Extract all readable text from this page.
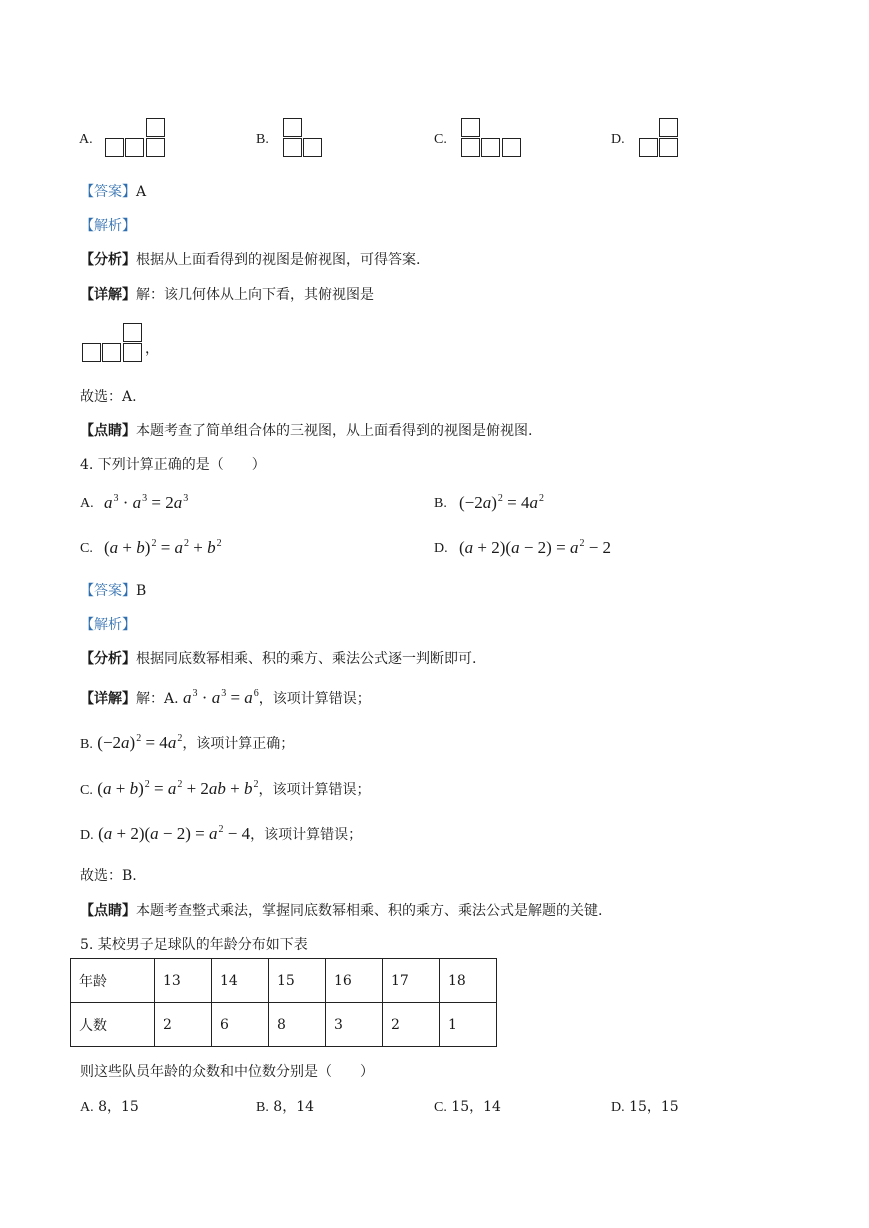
A.	B.	C.	D.
【答案】A
【解析】
【分析】根据从上面看得到的视图是俯视图，可得答案.
【详解】解：该几何体从上向下看，其俯视图是
，
故选：A.
【点睛】本题考查了简单组合体的三视图，从上面看得到的视图是俯视图.
4. 下列计算正确的是（　　）
A. $a^3 \cdot a^3 = 2a^3$	B. $(-2a)^2 = 4a^2$
C. $(a + b)^2 = a^2 + b^2$	D. $(a + 2)(a - 2) = a^2 - 2$
【答案】B
【解析】
【分析】根据同底数幂相乘、积的乘方、乘法公式逐一判断即可.
【详解】解：A. $a^3 \cdot a^3 = a^6$，该项计算错误；
B. $(-2a)^2 = 4a^2$，该项计算正确；
C. $(a + b)^2 = a^2 + 2ab + b^2$，该项计算错误；
D. $(a + 2)(a - 2) = a^2 - 4$，该项计算错误；
故选：B.
【点睛】本题考查整式乘法，掌握同底数幂相乘、积的乘方、乘法公式是解题的关键.
5. 某校男子足球队的年龄分布如下表
年龄	13	14	15	16	17	18
人数	2	6	8	3	2	1
则这些队员年龄的众数和中位数分别是（　　）
A. 8，15	B. 8，14	C. 15，14	D. 15，15
